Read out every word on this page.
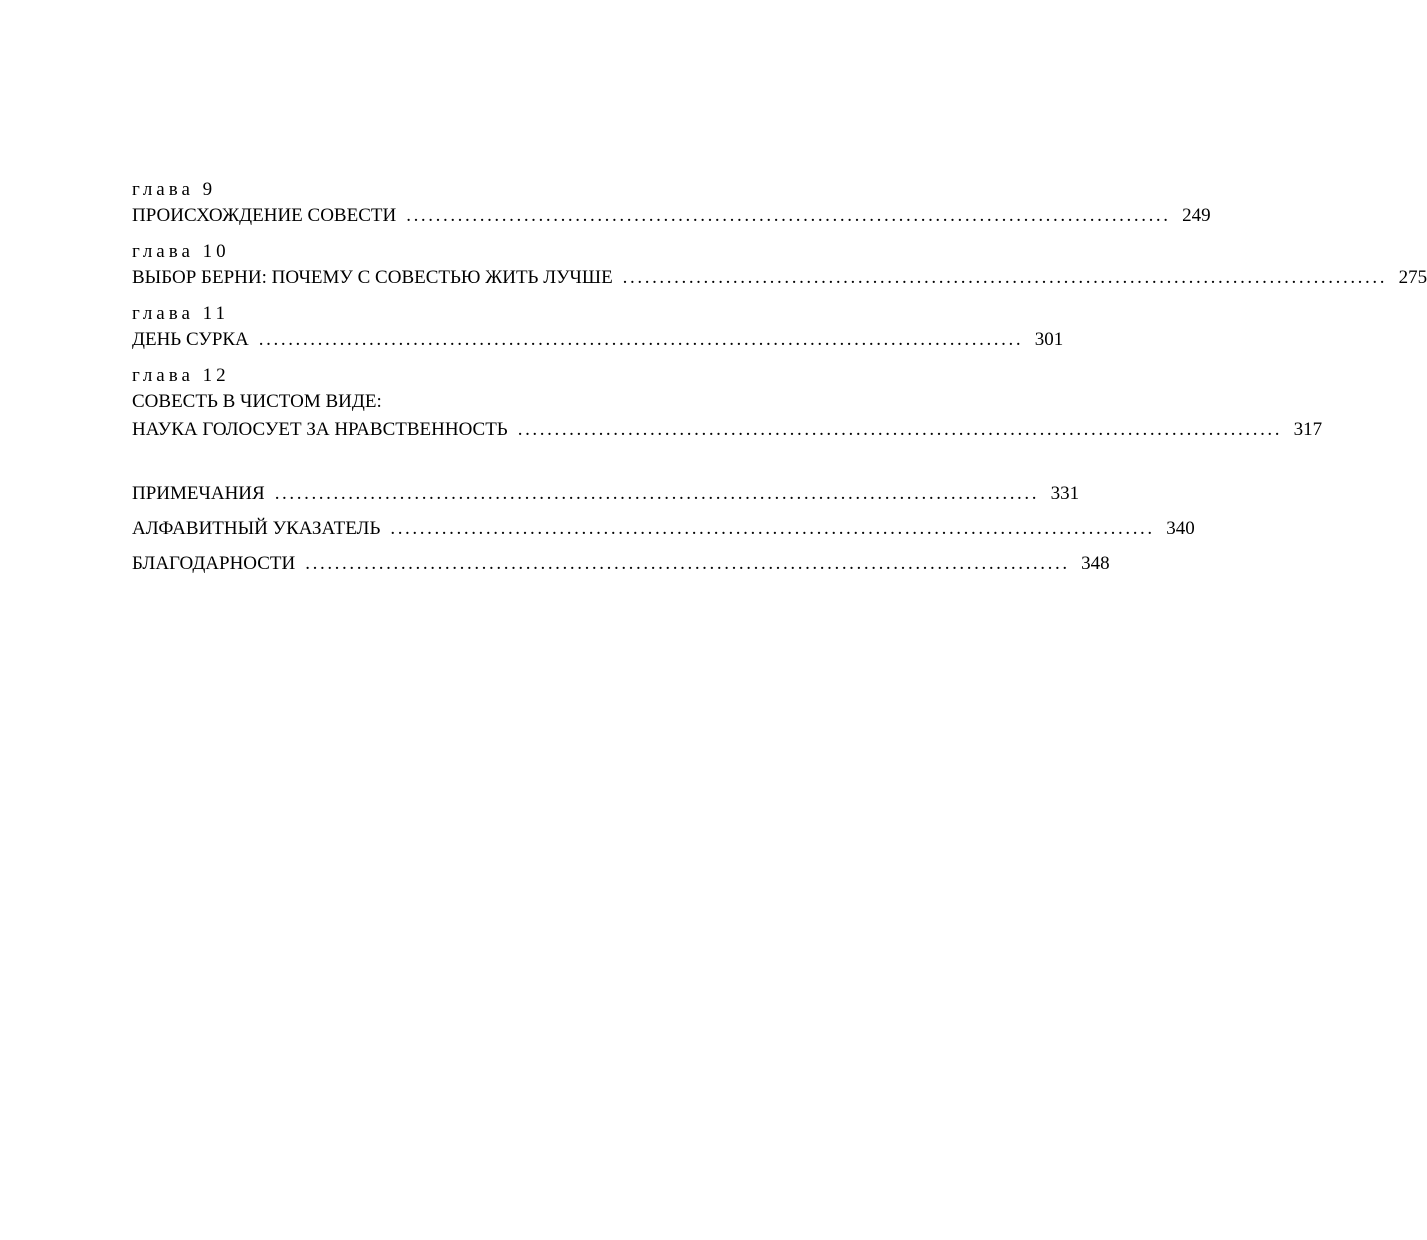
глава 9
ПРОИСХОЖДЕНИЕ СОВЕСТИ ........................................................................................................ 249
глава 10
ВЫБОР БЕРНИ: ПОЧЕМУ С СОВЕСТЬЮ ЖИТЬ ЛУЧШЕ ........................................................................................................ 275
глава 11
ДЕНЬ СУРКА ........................................................................................................ 301
глава 12
СОВЕСТЬ В ЧИСТОМ ВИДЕ:
НАУКА ГОЛОСУЕТ ЗА НРАВСТВЕННОСТЬ ........................................................................................................ 317
ПРИМЕЧАНИЯ ........................................................................................................ 331
АЛФАВИТНЫЙ УКАЗАТЕЛЬ ........................................................................................................ 340
БЛАГОДАРНОСТИ ........................................................................................................ 348
